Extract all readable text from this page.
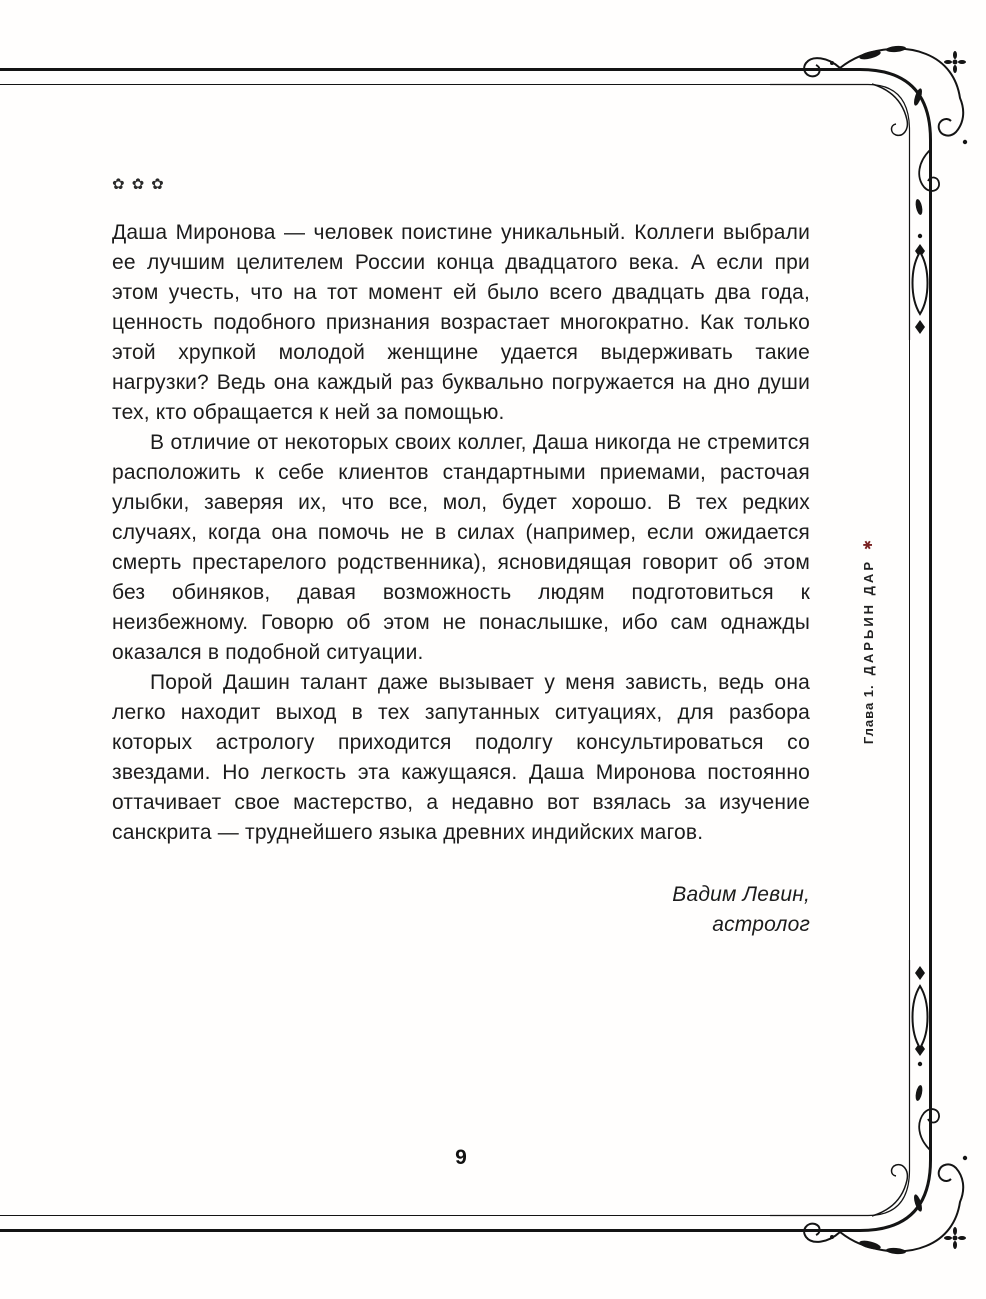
✿✿✿

Даша Миронова — человек поистине уникальный. Коллеги выбрали ее лучшим целителем России конца двадцатого века. А если при этом учесть, что на тот момент ей было всего двадцать два года, ценность подобного признания возрастает многократно. Как только этой хрупкой молодой женщине удается выдерживать такие нагрузки? Ведь она каждый раз буквально погружается на дно души тех, кто обращается к ней за помощью.

В отличие от некоторых своих коллег, Даша никогда не стремится расположить к себе клиентов стандартными приемами, расточая улыбки, заверяя их, что все, мол, будет хорошо. В тех редких случаях, когда она помочь не в силах (например, если ожидается смерть престарелого родственника), ясновидящая говорит об этом без обиняков, давая возможность людям подготовиться к неизбежному. Говорю об этом не понаслышке, ибо сам однажды оказался в подобной ситуации.

Порой Дашин талант даже вызывает у меня зависть, ведь она легко находит выход в тех запутанных ситуациях, для разбора которых астрологу приходится подолгу консультироваться со звездами. Но легкость эта кажущаяся. Даша Миронова постоянно оттачивает свое мастерство, а недавно вот взялась за изучение санскрита — труднейшего языка древних индийских магов.

Вадим Левин,
астролог
Глава 1.
ДАРЬИН ДАР
✱
9
